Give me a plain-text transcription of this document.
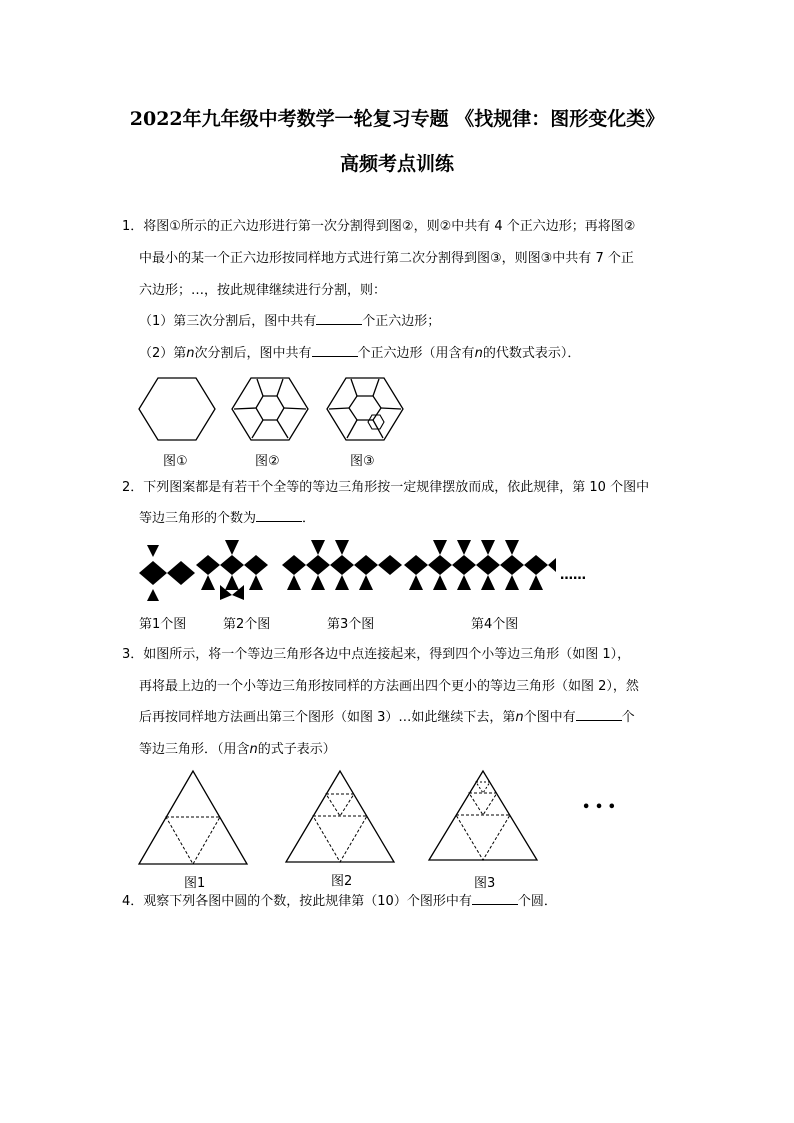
2022年九年级中考数学一轮复习专题 《找规律：图形变化类》
高频考点训练
1．将图①所示的正六边形进行第一次分割得到图②，则②中共有 4 个正六边形；再将图②
中最小的某一个正六边形按同样地方式进行第二次分割得到图③，则图③中共有 7 个正
六边形；…，按此规律继续进行分割，则：
（1）第三次分割后，图中共有	个正六边形；
（2）第n次分割后，图中共有	个正六边形（用含有n的代数式表示）．
图①	图②	图③
2．下列图案都是有若干个全等的等边三角形按一定规律摆放而成，依此规律，第 10 个图中
等边三角形的个数为	．
……
第1个图	第2个图	第3个图	第4个图
3．如图所示，将一个等边三角形各边中点连接起来，得到四个小等边三角形（如图 1），
再将最上边的一个小等边三角形按同样的方法画出四个更小的等边三角形（如图 2），然
后再按同样地方法画出第三个图形（如图 3）…如此继续下去，第n个图中有	个
等边三角形．（用含n的式子表示）
• • •
图1	图2	图3
4．观察下列各图中圆的个数，按此规律第（10）个图形中有	个圆．
